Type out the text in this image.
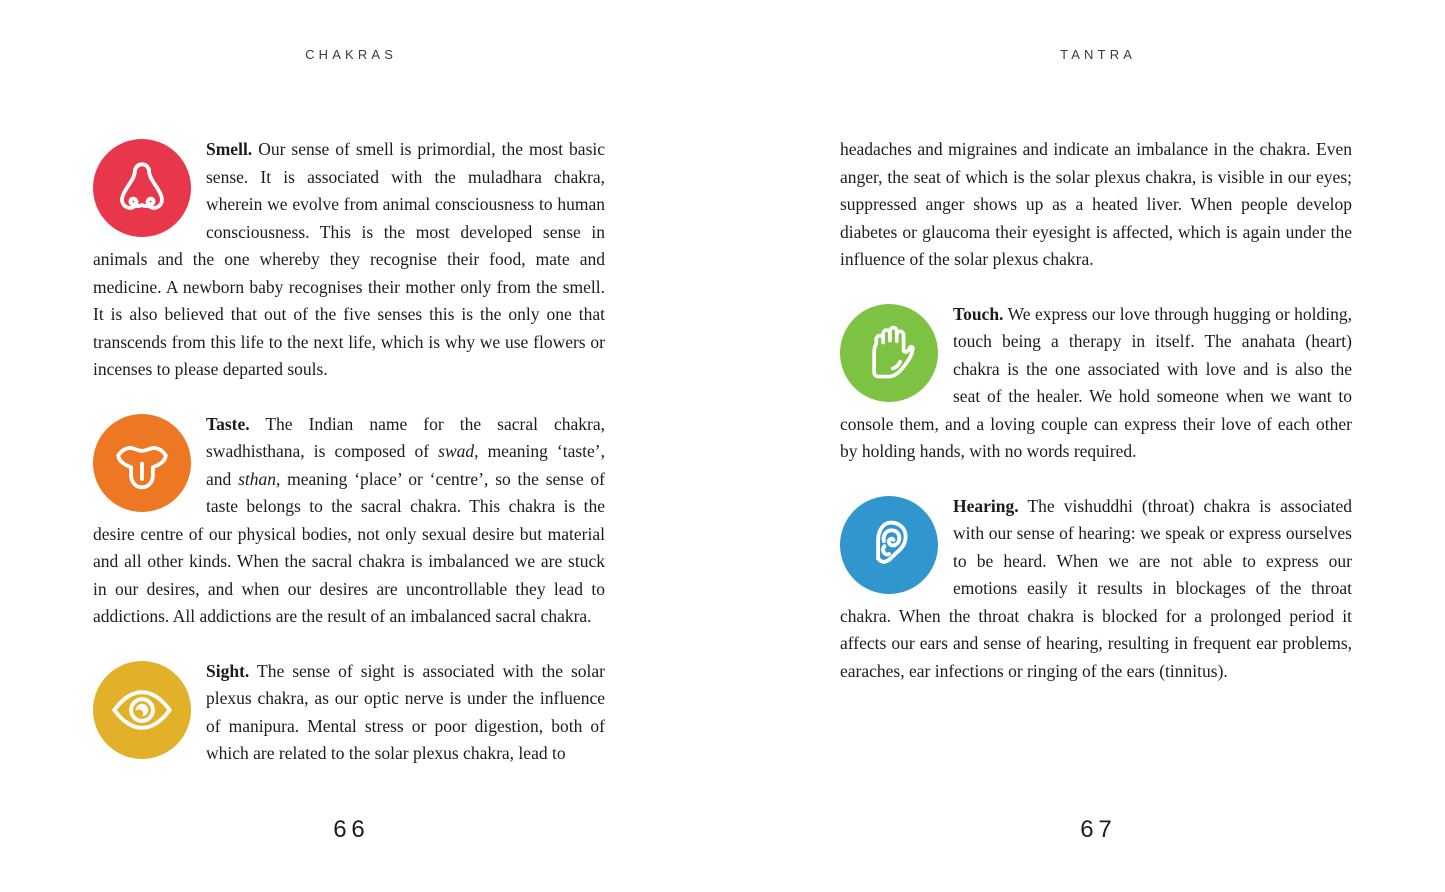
CHAKRAS

Smell. Our sense of smell is primordial, the most basic sense. It is associated with the muladhara chakra, wherein we evolve from animal consciousness to human consciousness. This is the most developed sense in animals and the one whereby they recognise their food, mate and medicine. A newborn baby recognises their mother only from the smell. It is also believed that out of the five senses this is the only one that transcends from this life to the next life, which is why we use flowers or incenses to please departed souls.

Taste. The Indian name for the sacral chakra, swadhisthana, is composed of swad, meaning ‘taste’, and sthan, meaning ‘place’ or ‘centre’, so the sense of taste belongs to the sacral chakra. This chakra is the desire centre of our physical bodies, not only sexual desire but material and all other kinds. When the sacral chakra is imbalanced we are stuck in our desires, and when our desires are uncontrollable they lead to addictions. All addictions are the result of an imbalanced sacral chakra.

Sight. The sense of sight is associated with the solar plexus chakra, as our optic nerve is under the influence of manipura. Mental stress or poor digestion, both of which are related to the solar plexus chakra, lead to

66
TANTRA

headaches and migraines and indicate an imbalance in the chakra. Even anger, the seat of which is the solar plexus chakra, is visible in our eyes; suppressed anger shows up as a heated liver. When people develop diabetes or glaucoma their eyesight is affected, which is again under the influence of the solar plexus chakra.

Touch. We express our love through hugging or holding, touch being a therapy in itself. The anahata (heart) chakra is the one associated with love and is also the seat of the healer. We hold someone when we want to console them, and a loving couple can express their love of each other by holding hands, with no words required.

Hearing. The vishuddhi (throat) chakra is associated with our sense of hearing: we speak or express ourselves to be heard. When we are not able to express our emotions easily it results in blockages of the throat chakra. When the throat chakra is blocked for a prolonged period it affects our ears and sense of hearing, resulting in frequent ear problems, earaches, ear infections or ringing of the ears (tinnitus).

67
